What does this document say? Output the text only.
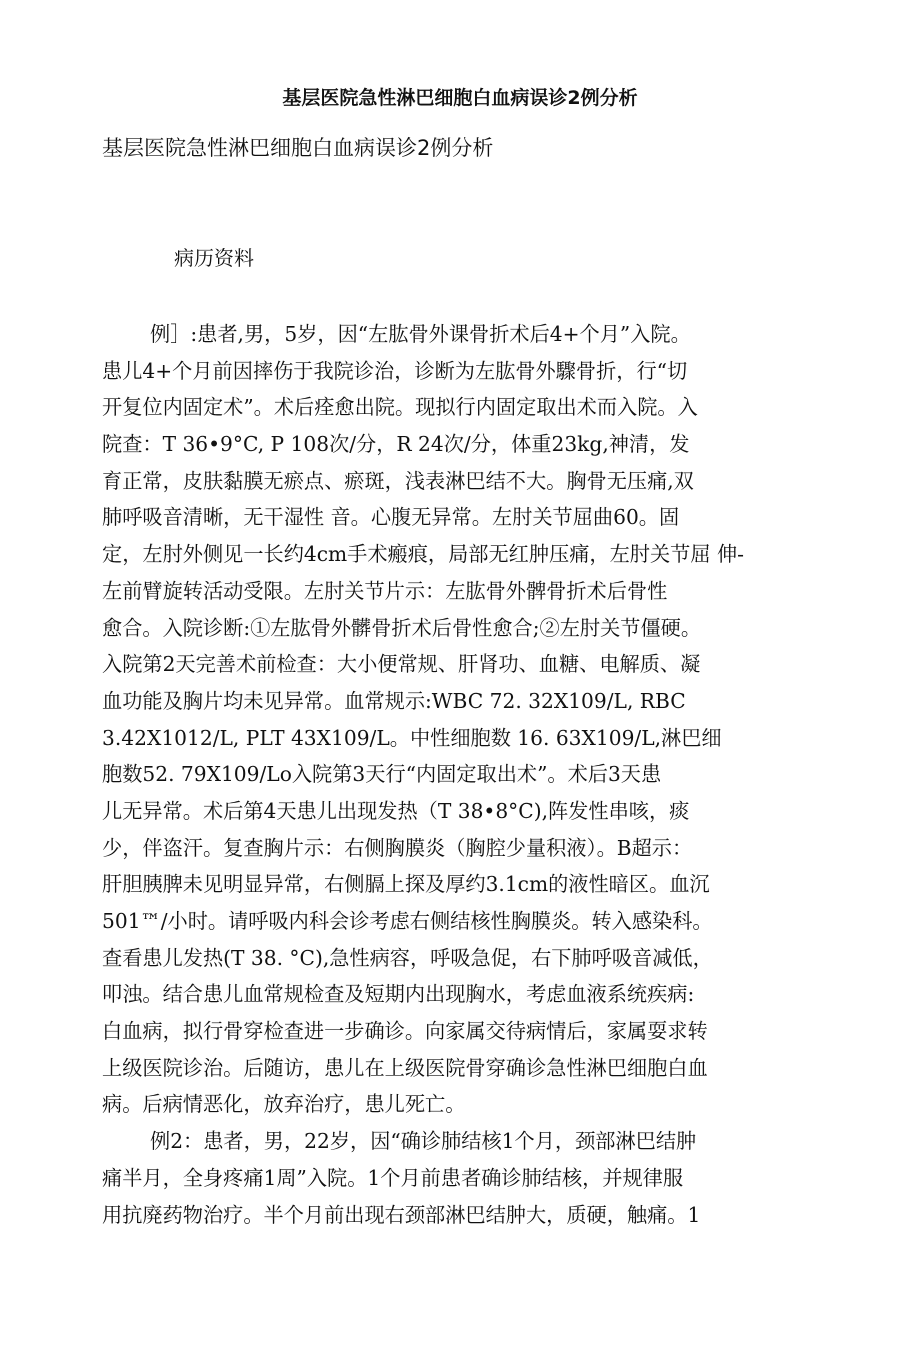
基层医院急性淋巴细胞白血病误诊2例分析
基层医院急性淋巴细胞白血病误诊2例分析
病历资料
例］:患者,男，5岁，因“左肱骨外课骨折术后4+个月”入院。
患儿4+个月前因摔伤于我院诊治，诊断为左肱骨外驟骨折，行“切
开复位内固定术”。术后痊愈出院。现拟行内固定取出术而入院。入
院查：T 36•9°C, P 108次/分，R 24次/分，体重23kg,神清，发
育正常，皮肤黏膜无瘀点、瘀斑，浅表淋巴结不大。胸骨无压痛,双
肺呼吸音清晰，无干湿性 音。心腹无异常。左肘关节屈曲60。固
定，左肘外侧见一长约4cm手术瘢痕，局部无红肿压痛，左肘关节屈 伸-
左前臂旋转活动受限。左肘关节片示：左肱骨外髀骨折术后骨性
愈合。入院诊断:①左肱骨外髒骨折术后骨性愈合;②左肘关节僵硬。
入院第2天完善术前检查：大小便常规、肝肾功、血糖、电解质、凝
血功能及胸片均未见异常。血常规示:WBC 72. 32X109/L, RBC
3.42X1012/L, PLT 43X109/L。中性细胞数 16. 63X109/L,淋巴细
胞数52. 79X109/Lo入院第3天行“内固定取出术”。术后3天患
儿无异常。术后第4天患儿出现发热（T 38•8°C),阵发性串咳，痰
少，伴盗汗。复查胸片示：右侧胸膜炎（胸腔少量积液）。B超示：
肝胆胰脾未见明显异常，右侧膈上探及厚约3.1cm的液性暗区。血沉
501™/小时。请呼吸内科会诊考虑右侧结核性胸膜炎。转入感染科。
查看患儿发热(T 38. °C),急性病容，呼吸急促，右下肺呼吸音减低，
叩浊。结合患儿血常规检查及短期内出现胸水，考虑血液系统疾病:
白血病，拟行骨穿检查进一步确诊。向家属交待病情后，家属耍求转
上级医院诊治。后随访，患儿在上级医院骨穿确诊急性淋巴细胞白血
病。后病情恶化，放弃治疗，患儿死亡。
例2：患者，男，22岁，因“确诊肺结核1个月，颈部淋巴结肿
痛半月，全身疼痛1周”入院。1个月前患者确诊肺结核，并规律服
用抗廃药物治疗。半个月前出现右颈部淋巴结肿大，质硬，触痛。1
